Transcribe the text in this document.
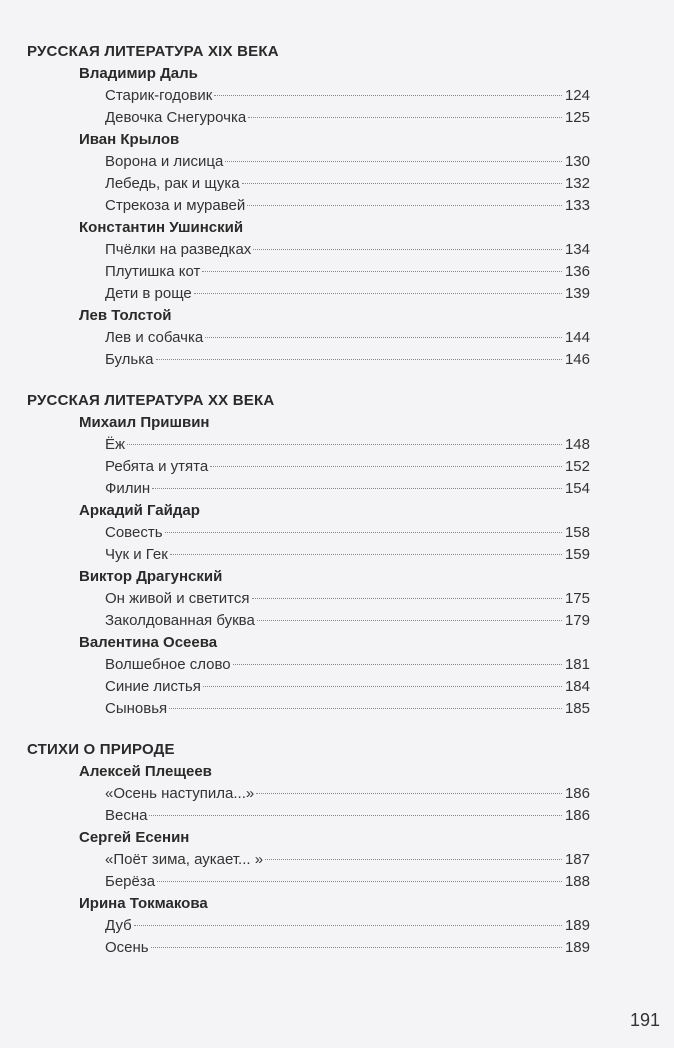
РУССКАЯ ЛИТЕРАТУРА XIX ВЕКА
Владимир Даль
Старик-годовик	124
Девочка Снегурочка	125
Иван Крылов
Ворона и лисица	130
Лебедь, рак и щука	132
Стрекоза и муравей	133
Константин Ушинский
Пчёлки на разведках	134
Плутишка кот	136
Дети в роще	139
Лев Толстой
Лев и собачка	144
Булька	146
РУССКАЯ ЛИТЕРАТУРА XX ВЕКА
Михаил Пришвин
Ёж	148
Ребята и утята	152
Филин	154
Аркадий Гайдар
Совесть	158
Чук и Гек	159
Виктор Драгунский
Он живой и светится	175
Заколдованная буква	179
Валентина Осеева
Волшебное слово	181
Синие листья	184
Сыновья	185
СТИХИ О ПРИРОДЕ
Алексей Плещеев
«Осень наступила...»	186
Весна	186
Сергей Есенин
«Поёт зима, аукает... »	187
Берёза	188
Ирина Токмакова
Дуб	189
Осень	189
191
